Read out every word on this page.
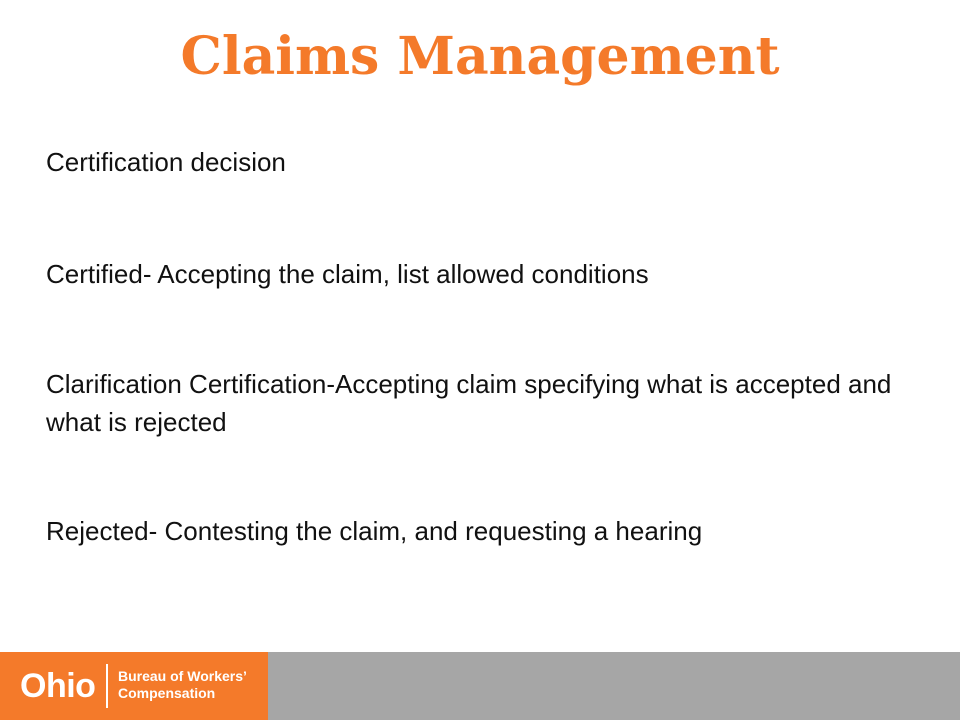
Claims Management
Certification decision
Certified- Accepting the claim, list allowed conditions
Clarification Certification-Accepting claim specifying what is accepted and what is rejected
Rejected- Contesting the claim, and requesting a hearing
Ohio Bureau of Workers’
Compensation
